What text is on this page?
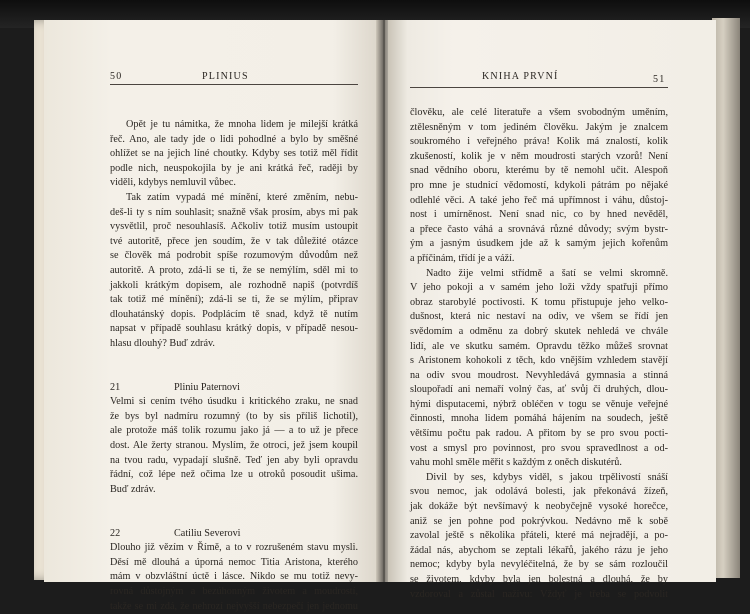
50	PLINIUS
Opět je tu námitka, že mnoha lidem je milejší krátká
řeč. Ano, ale tady jde o lidi pohodlné a bylo by směšné
ohlížet se na jejich líné choutky. Kdyby ses totiž měl řídit
podle nich, neuspokojila by je ani krátká řeč, raději by
viděli, kdybys nemluvil vůbec.
Tak zatím vypadá mé mínění, které změním, nebu-
deš-li ty s ním souhlasit; snažně však prosím, abys mi pak
vysvětlil, proč nesouhlasíš. Ačkoliv totiž musím ustoupit
tvé autoritě, přece jen soudím, že v tak důležité otázce
se člověk má podrobit spíše rozumovým důvodům než
autoritě. A proto, zdá-li se ti, že se nemýlím, sděl mi to
jakkoli krátkým dopisem, ale rozhodně napiš (potvrdíš
tak totiž mé mínění); zdá-li se ti, že se mýlím, připrav
dlouhatánský dopis. Podplácím tě snad, když tě nutím
napsat v případě souhlasu krátký dopis, v případě nesou-
hlasu dlouhý? Buď zdráv.
21	Pliniu Paternovi
Velmi si cením tvého úsudku i kritického zraku, ne snad
že bys byl nadmíru rozumný (to by sis příliš lichotil),
ale protože máš tolik rozumu jako já — a to už je přece
dost. Ale žerty stranou. Myslím, že otroci, jež jsem koupil
na tvou radu, vypadají slušně. Teď jen aby byli opravdu
řádní, což lépe než očima lze u otroků posoudit ušima.
Buď zdráv.
22	Catiliu Severovi
Dlouho již vězím v Římě, a to v rozrušeném stavu mysli.
Děsí mě dlouhá a úporná nemoc Titia Aristona, kterého
mám v obzvláštní úctě i lásce. Nikdo se mu totiž nevy-
rovná důstojným a bezúhonným životem a moudrostí,
takže se mi zdá, že nehrozí nejvyšší nebezpečí jen jednomu
KNIHA PRVNÍ	51
člověku, ale celé literatuře a všem svobodným uměním,
ztělesněným v tom jediném člověku. Jakým je znalcem
soukromého i veřejného práva! Kolik má znalostí, kolik
zkušeností, kolik je v něm moudrosti starých vzorů! Není
snad vědního oboru, kterému by tě nemohl učit. Alespoň
pro mne je studnicí vědomostí, kdykoli pátrám po nějaké
odlehlé věci. A také jeho řeč má upřímnost i váhu, důstoj-
nost i umírněnost. Není snad nic, co by hned nevěděl,
a přece často váhá a srovnává různé důvody; svým bystr-
ým a jasným úsudkem jde až k samým jejich kořenům
a příčinám, třídí je a váží.
Nadto žije velmi střídmě a šatí se velmi skromně.
V jeho pokoji a v samém jeho loži vždy spatřuji přímo
obraz starobylé poctivosti. K tomu přistupuje jeho velko-
dušnost, která nic nestaví na odiv, ve všem se řídí jen
svědomím a odměnu za dobrý skutek nehledá ve chvále
lidí, ale ve skutku samém. Opravdu těžko můžeš srovnat
s Aristonem kohokoli z těch, kdo vnějším vzhledem stavějí
na odiv svou moudrost. Nevyhledává gymnasia a stinná
sloupořadí ani nemaří volný čas, ať svůj či druhých, dlou-
hými disputacemi, nýbrž obléčen v togu se věnuje veřejné
činnosti, mnoha lidem pomáhá hájením na soudech, ještě
většímu počtu pak radou. A přitom by se pro svou pocti-
vost a smysl pro povinnost, pro svou spravedlnost a od-
vahu mohl směle měřit s každým z oněch diskutérů.
Divil by ses, kdybys viděl, s jakou trpělivostí snáší
svou nemoc, jak odolává bolesti, jak překonává žízeň,
jak dokáže být nevšímavý k neobyčejně vysoké horečce,
aniž se jen pohne pod pokrývkou. Nedávno mě k sobě
zavolal ještě s několika přáteli, které má nejradějí, a po-
žádal nás, abychom se zeptali lékařů, jakého rázu je jeho
nemoc; kdyby byla nevyléčitelná, že by se sám rozloučil
se životem, kdyby byla jen bolestná a dlouhá, že by
vzdoroval a zůstal naživu: Vždyť je třeba se podvolit
